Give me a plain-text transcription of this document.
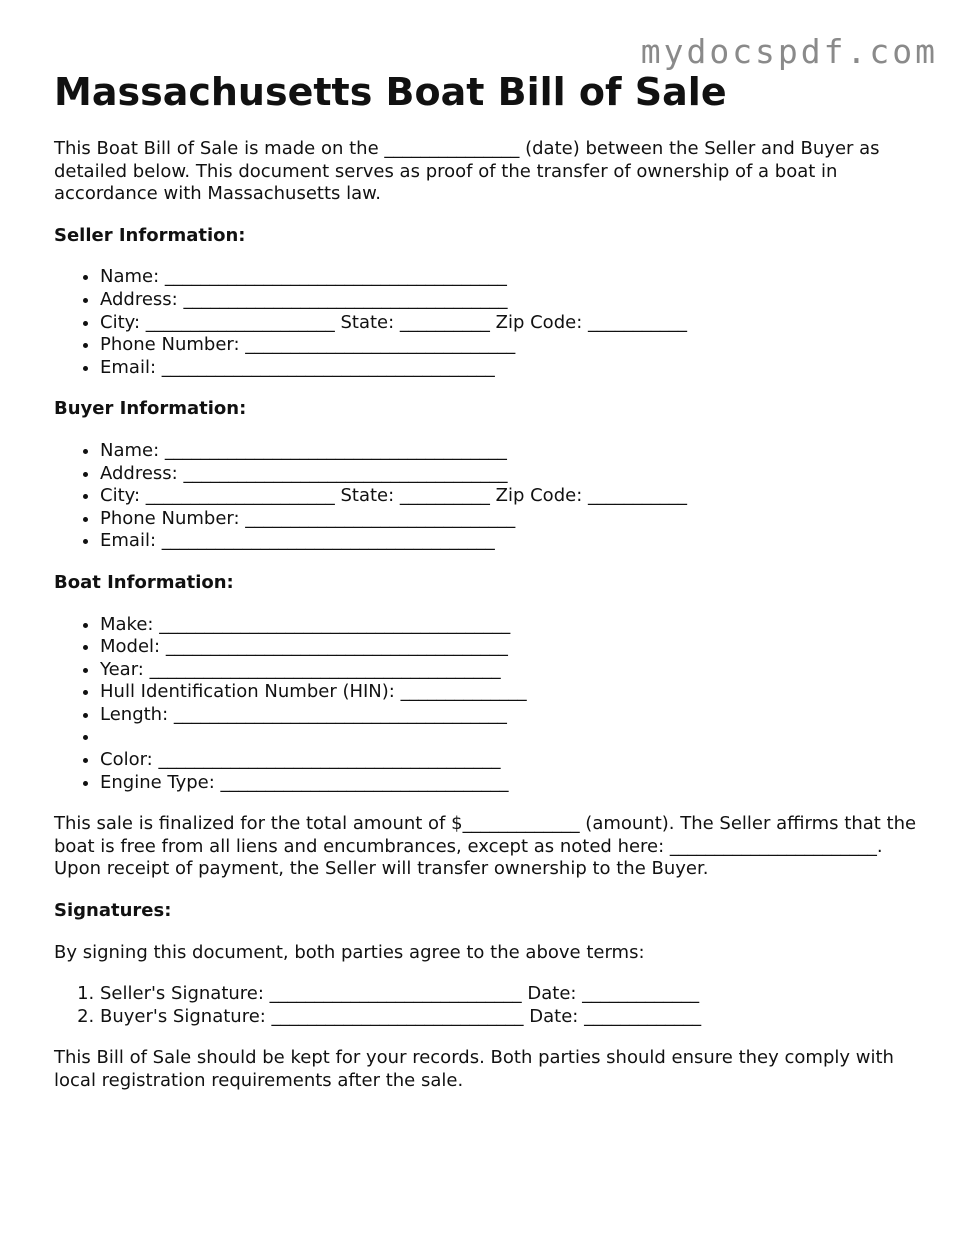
mydocspdf.com
Massachusetts Boat Bill of Sale

This Boat Bill of Sale is made on the _______________ (date) between the Seller and Buyer as detailed below. This document serves as proof of the transfer of ownership of a boat in accordance with Massachusetts law.

Seller Information:
• Name: ______________________________________
• Address: ____________________________________
• City: _____________________ State: __________ Zip Code: ___________
• Phone Number: ______________________________
• Email: _____________________________________
Buyer Information:
• Name: ______________________________________
• Address: ____________________________________
• City: _____________________ State: __________ Zip Code: ___________
• Phone Number: ______________________________
• Email: _____________________________________
Boat Information:
• Make: _______________________________________
• Model: ______________________________________
• Year: _______________________________________
• Hull Identification Number (HIN): ______________
• Length: _____________________________________
•
• Color: ______________________________________
• Engine Type: ________________________________

This sale is finalized for the total amount of $_____________ (amount). The Seller affirms that the boat is free from all liens and encumbrances, except as noted here: _______________________. Upon receipt of payment, the Seller will transfer ownership to the Buyer.

Signatures:

By signing this document, both parties agree to the above terms:

1. Seller's Signature: ____________________________ Date: _____________
2. Buyer's Signature: ____________________________ Date: _____________

This Bill of Sale should be kept for your records. Both parties should ensure they comply with local registration requirements after the sale.
